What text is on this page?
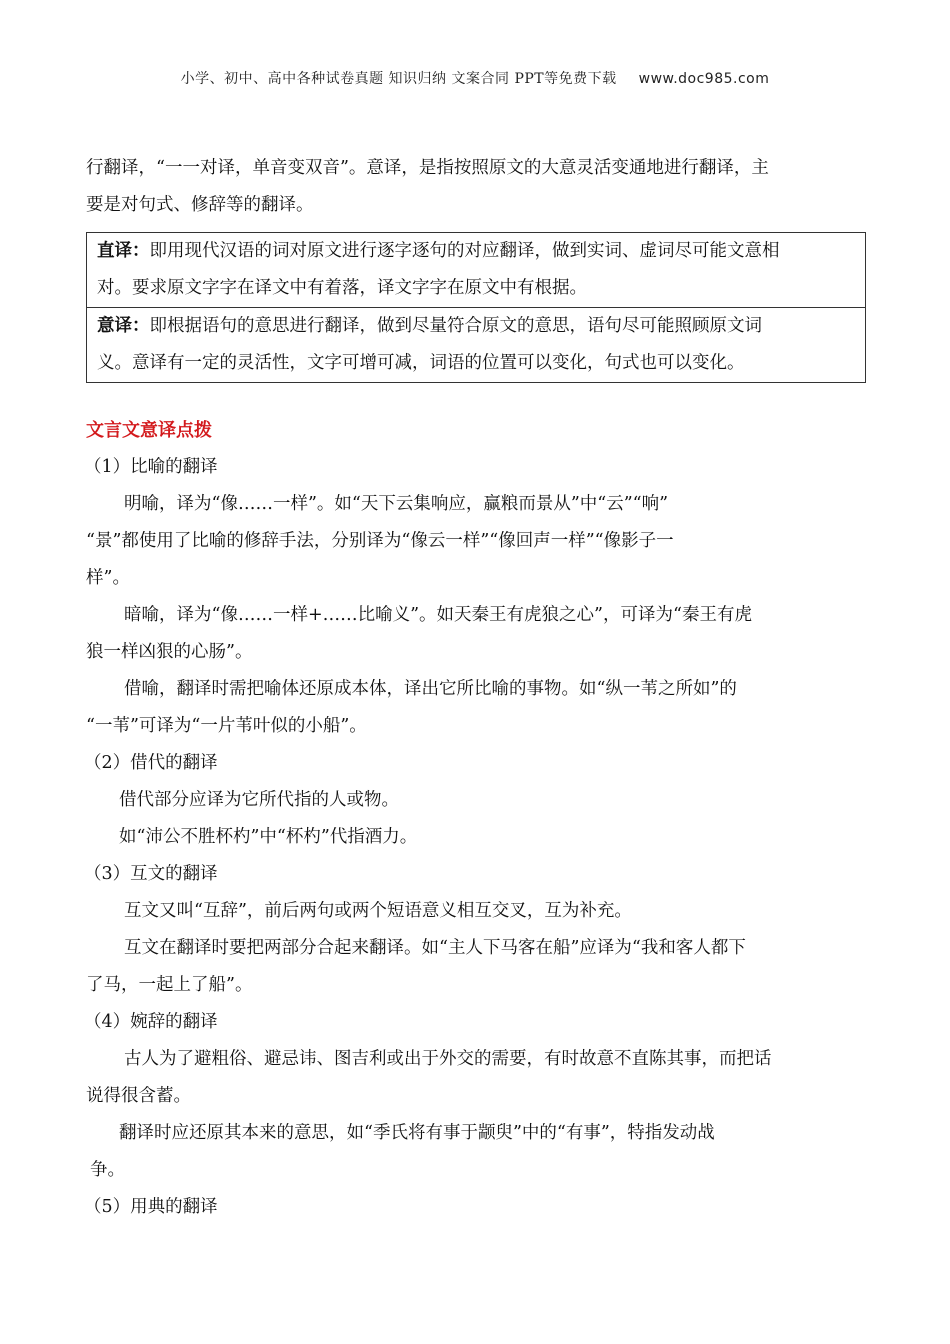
小学、初中、高中各种试卷真题 知识归纳 文案合同 PPT等免费下载 www.doc985.com

行翻译，“一一对译，单音变双音”。意译，是指按照原文的大意灵活变通地进行翻译，主

要是对句式、修辞等的翻译。

直译：即用现代汉语的词对原文进行逐字逐句的对应翻译，做到实词、虚词尽可能文意相
对。要求原文字字在译文中有着落，译文字字在原文中有根据。
意译：即根据语句的意思进行翻译，做到尽量符合原文的意思，语句尽可能照顾原文词
义。意译有一定的灵活性，文字可增可减，词语的位置可以变化，句式也可以变化。
文言文意译点拨
（1）比喻的翻译

明喻，译为“像……一样”。如“天下云集响应，赢粮而景从”中“云”“响”

“景”都使用了比喻的修辞手法，分别译为“像云一样”“像回声一样”“像影子一

样”。

暗喻，译为“像……一样+……比喻义”。如天秦王有虎狼之心”，可译为“秦王有虎

狼一样凶狠的心肠”。

借喻，翻译时需把喻体还原成本体，译出它所比喻的事物。如“纵一苇之所如”的

“一苇”可译为“一片苇叶似的小船”。

（2）借代的翻译

借代部分应译为它所代指的人或物。

如“沛公不胜杯杓”中“杯杓”代指酒力。

（3）互文的翻译

互文又叫“互辞”，前后两句或两个短语意义相互交叉，互为补充。

互文在翻译时要把两部分合起来翻译。如“主人下马客在船”应译为“我和客人都下

了马，一起上了船”。

（4）婉辞的翻译

古人为了避粗俗、避忌讳、图吉利或出于外交的需要，有时故意不直陈其事，而把话

说得很含蓄。

翻译时应还原其本来的意思，如“季氏将有事于颛臾”中的“有事”，特指发动战

争。

（5）用典的翻译
